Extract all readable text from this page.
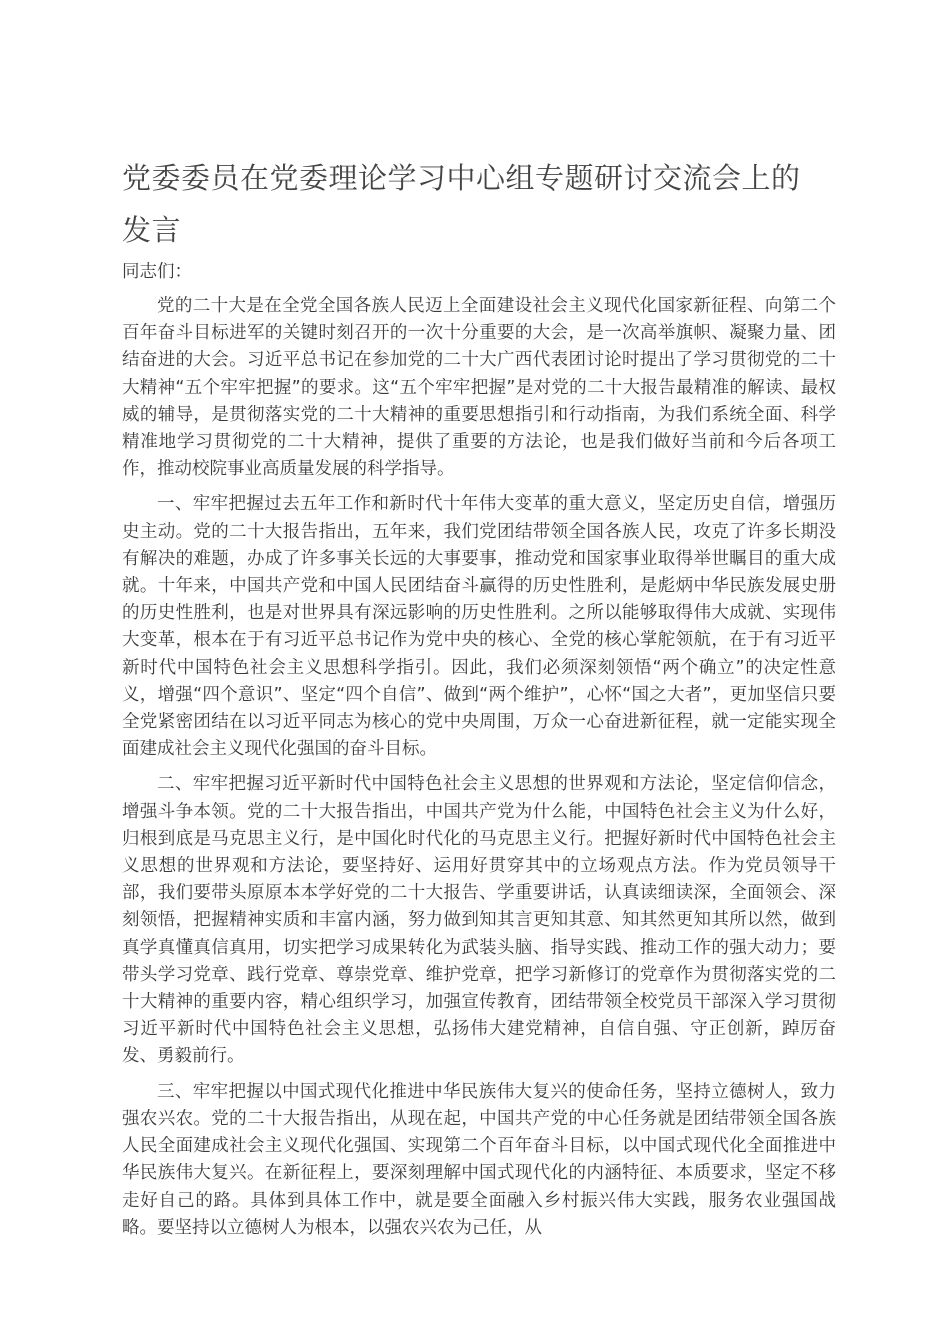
党委委员在党委理论学习中心组专题研讨交流会上的发言

同志们：

党的二十大是在全党全国各族人民迈上全面建设社会主义现代化国家新征程、向第二个百年奋斗目标进军的关键时刻召开的一次十分重要的大会，是一次高举旗帜、凝聚力量、团结奋进的大会。习近平总书记在参加党的二十大广西代表团讨论时提出了学习贯彻党的二十大精神“五个牢牢把握”的要求。这“五个牢牢把握”是对党的二十大报告最精准的解读、最权威的辅导，是贯彻落实党的二十大精神的重要思想指引和行动指南，为我们系统全面、科学精准地学习贯彻党的二十大精神，提供了重要的方法论，也是我们做好当前和今后各项工作，推动校院事业高质量发展的科学指导。

一、牢牢把握过去五年工作和新时代十年伟大变革的重大意义，坚定历史自信，增强历史主动。党的二十大报告指出，五年来，我们党团结带领全国各族人民，攻克了许多长期没有解决的难题，办成了许多事关长远的大事要事，推动党和国家事业取得举世瞩目的重大成就。十年来，中国共产党和中国人民团结奋斗赢得的历史性胜利，是彪炳中华民族发展史册的历史性胜利，也是对世界具有深远影响的历史性胜利。之所以能够取得伟大成就、实现伟大变革，根本在于有习近平总书记作为党中央的核心、全党的核心掌舵领航，在于有习近平新时代中国特色社会主义思想科学指引。因此，我们必须深刻领悟“两个确立”的决定性意义，增强“四个意识”、坚定“四个自信”、做到“两个维护”，心怀“国之大者”，更加坚信只要全党紧密团结在以习近平同志为核心的党中央周围，万众一心奋进新征程，就一定能实现全面建成社会主义现代化强国的奋斗目标。

二、牢牢把握习近平新时代中国特色社会主义思想的世界观和方法论，坚定信仰信念，增强斗争本领。党的二十大报告指出，中国共产党为什么能，中国特色社会主义为什么好，归根到底是马克思主义行，是中国化时代化的马克思主义行。把握好新时代中国特色社会主义思想的世界观和方法论，要坚持好、运用好贯穿其中的立场观点方法。作为党员领导干部，我们要带头原原本本学好党的二十大报告、学重要讲话，认真读细读深，全面领会、深刻领悟，把握精神实质和丰富内涵，努力做到知其言更知其意、知其然更知其所以然，做到真学真懂真信真用，切实把学习成果转化为武装头脑、指导实践、推动工作的强大动力；要带头学习党章、践行党章、尊崇党章、维护党章，把学习新修订的党章作为贯彻落实党的二十大精神的重要内容，精心组织学习，加强宣传教育，团结带领全校党员干部深入学习贯彻习近平新时代中国特色社会主义思想，弘扬伟大建党精神，自信自强、守正创新，踔厉奋发、勇毅前行。

三、牢牢把握以中国式现代化推进中华民族伟大复兴的使命任务，坚持立德树人，致力强农兴农。党的二十大报告指出，从现在起，中国共产党的中心任务就是团结带领全国各族人民全面建成社会主义现代化强国、实现第二个百年奋斗目标，以中国式现代化全面推进中华民族伟大复兴。在新征程上，要深刻理解中国式现代化的内涵特征、本质要求，坚定不移走好自己的路。具体到具体工作中，就是要全面融入乡村振兴伟大实践，服务农业强国战略。要坚持以立德树人为根本，以强农兴农为己任，从
